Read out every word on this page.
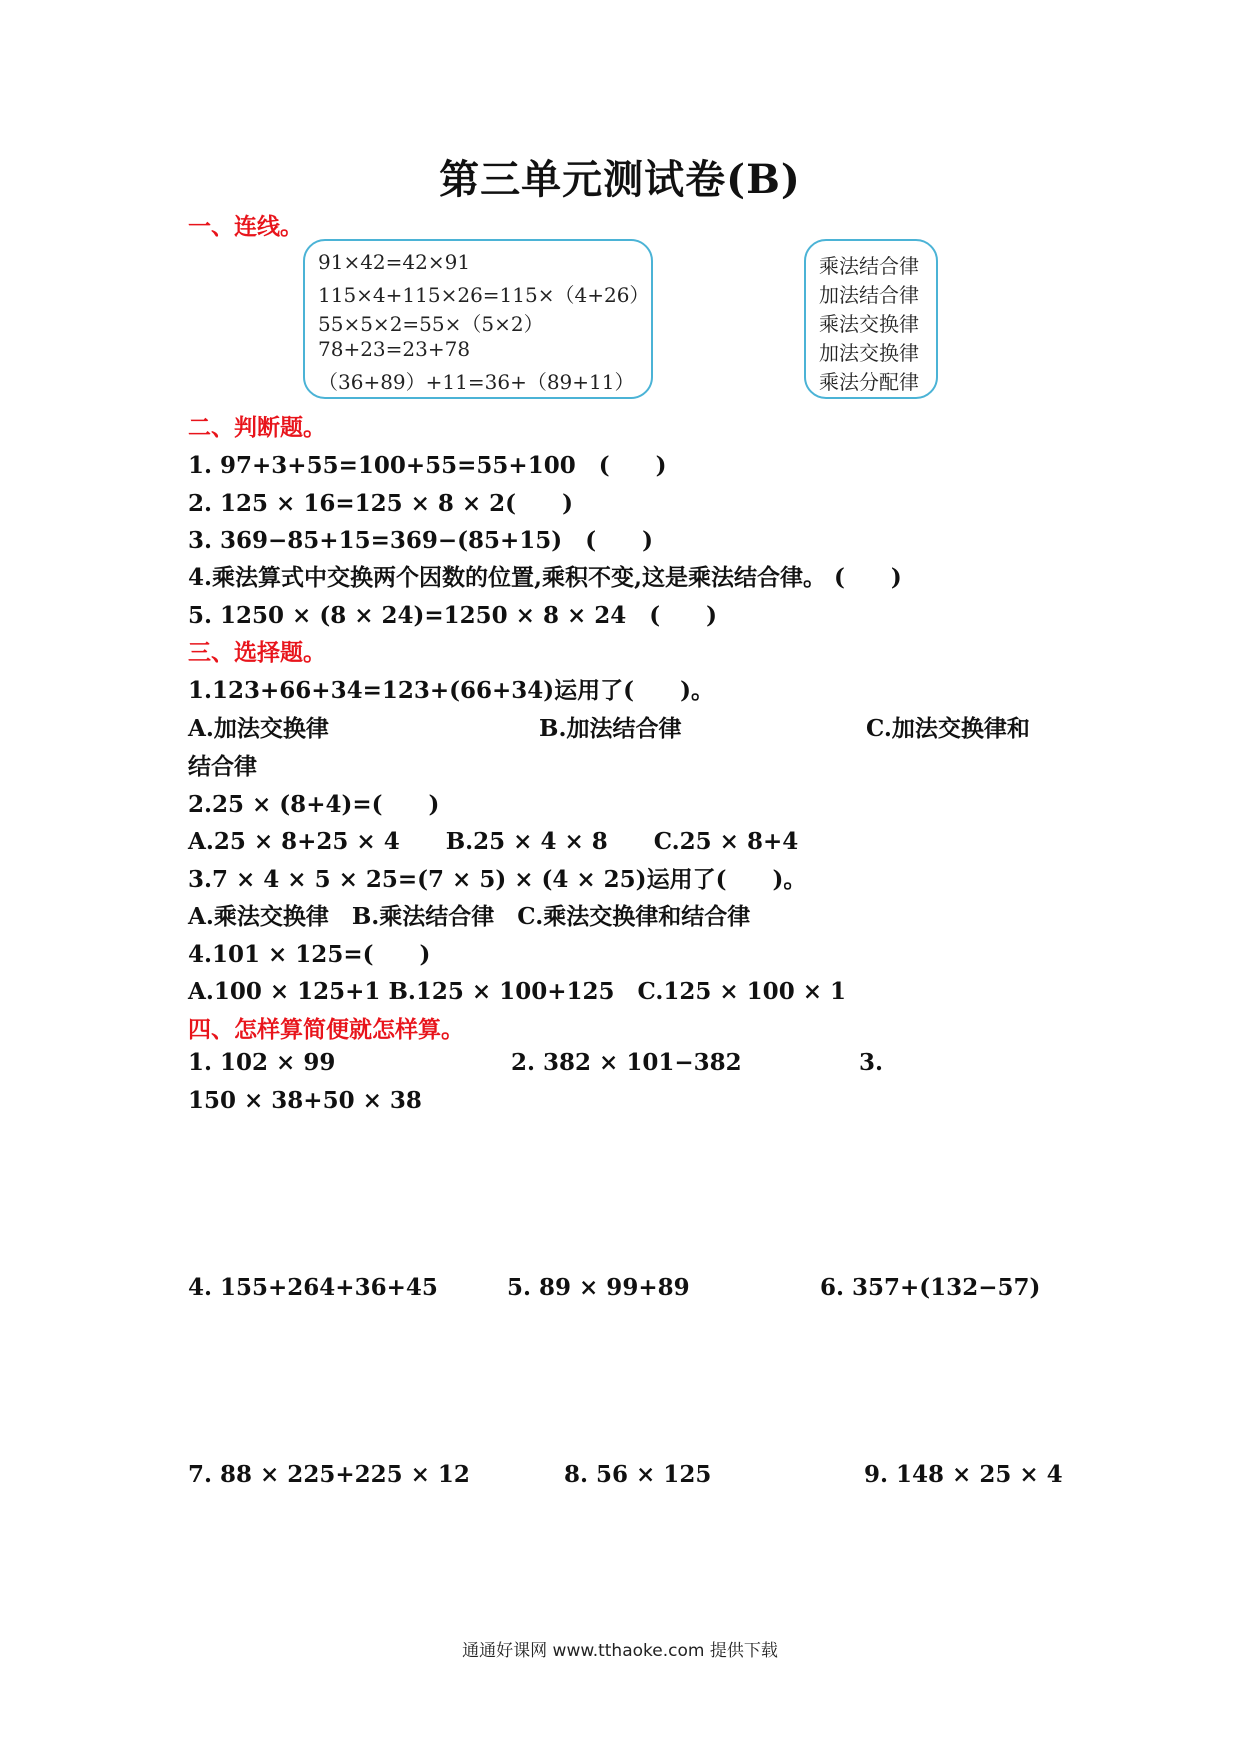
第三单元测试卷(B)
一、连线。
91×42=42×91
115×4+115×26=115×（4+26）
55×5×2=55×（5×2）
78+23=23+78
（36+89）+11=36+（89+11）
乘法结合律
加法结合律
乘法交换律
加法交换律
乘法分配律
二、判断题。
1. 97+3+55=100+55=55+100　(　　)
2. 125 × 16=125 × 8 × 2(　　)
3. 369−85+15=369−(85+15)　(　　)
4.乘法算式中交换两个因数的位置,乘积不变,这是乘法结合律。 (　　)
5. 1250 × (8 × 24)=1250 × 8 × 24　(　　)
三、选择题。
1.123+66+34=123+(66+34)运用了(　　)。
A.加法交换律	B.加法结合律	C.加法交换律和
结合律
2.25 × (8+4)=(　　)
A.25 × 8+25 × 4　　B.25 × 4 × 8　　C.25 × 8+4
3.7 × 4 × 5 × 25=(7 × 5) × (4 × 25)运用了(　　)。
A.乘法交换律　B.乘法结合律　C.乘法交换律和结合律
4.101 × 125=(　　)
A.100 × 125+1 B.125 × 100+125　C.125 × 100 × 1
四、怎样算简便就怎样算。
1. 102 × 99	2. 382 × 101−382	3.
150 × 38+50 × 38
4. 155+264+36+45	5. 89 × 99+89	6. 357+(132−57)
7. 88 × 225+225 × 12	8. 56 × 125	9. 148 × 25 × 4
通通好课网 www.tthaoke.com 提供下载
